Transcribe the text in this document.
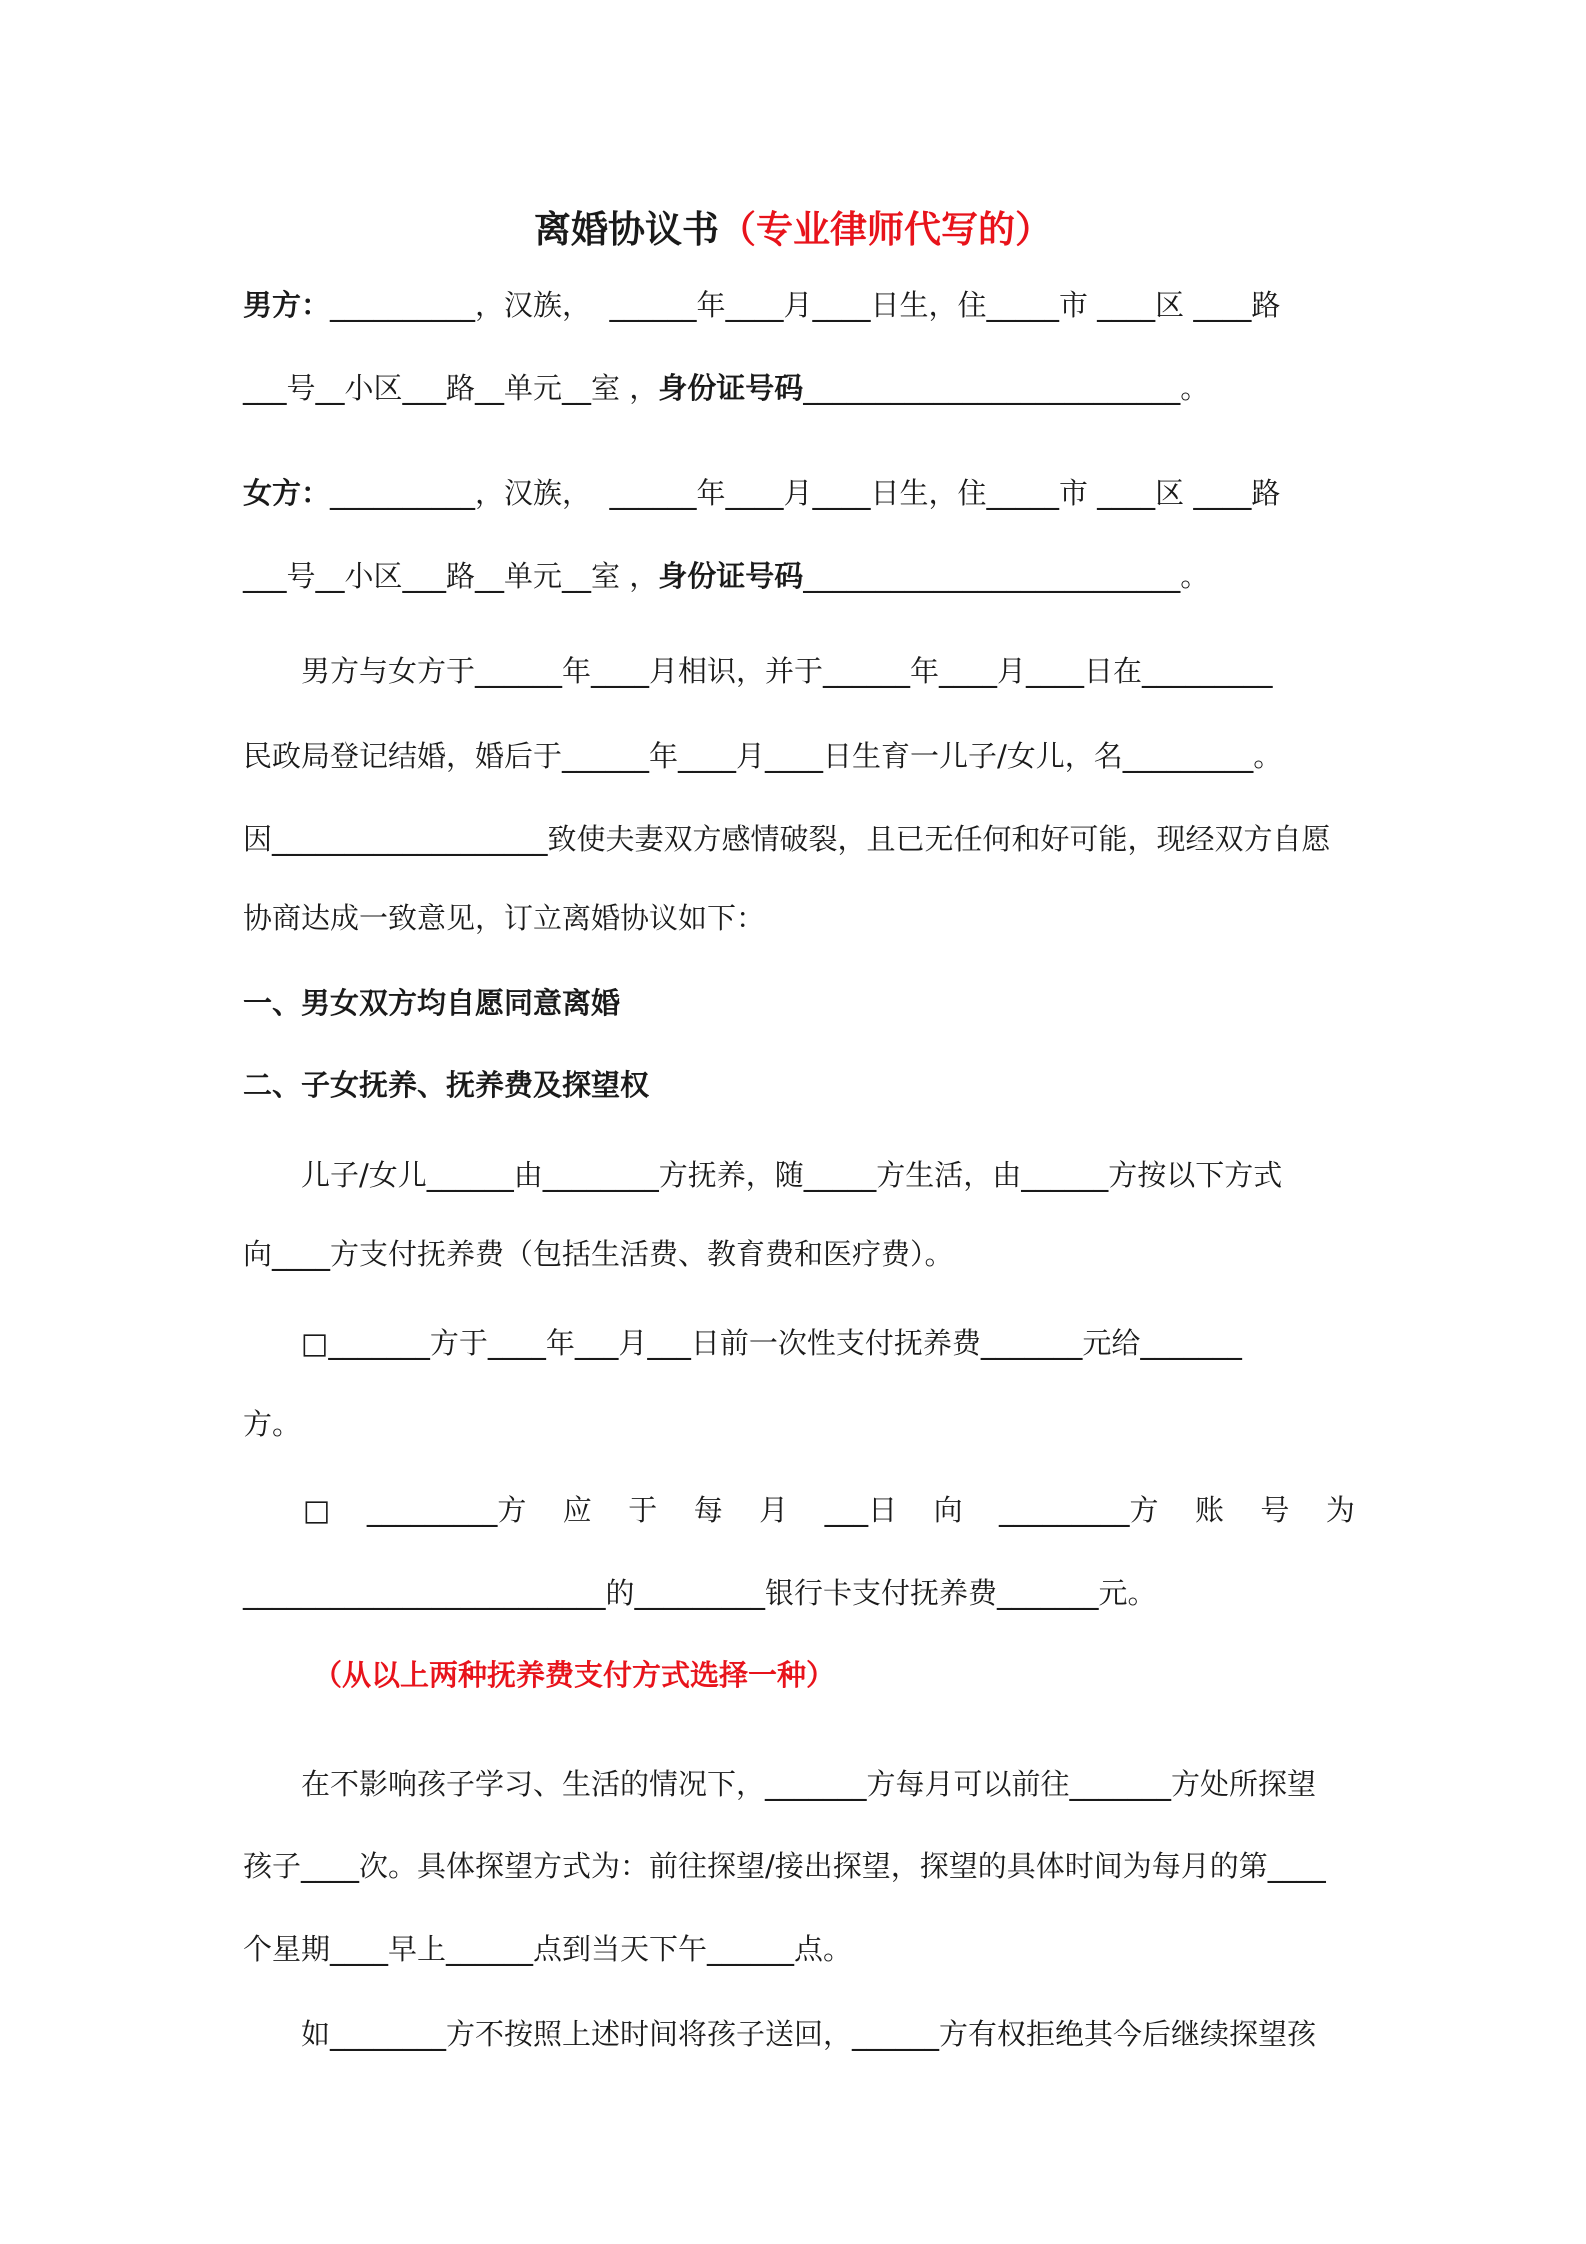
离婚协议书（专业律师代写的）
男方：__________，汉族，  ______年____月____日生，住_____市 ____区 ____路
___号__小区___路__单元__室 ，身份证号码__________________________。
女方：__________，汉族，  ______年____月____日生，住_____市 ____区 ____路
___号__小区___路__单元__室 ，身份证号码__________________________。
男方与女方于______年____月相识，并于______年____月____日在_________
民政局登记结婚，婚后于______年____月____日生育一儿子/女儿，名_________。
因___________________致使夫妻双方感情破裂，且已无任何和好可能，现经双方自愿
协商达成一致意见，订立离婚协议如下：
一、男女双方均自愿同意离婚
二、子女抚养、抚养费及探望权
儿子/女儿______由________方抚养，随_____方生活，由______方按以下方式
向____方支付抚养费（包括生活费、教育费和医疗费）。
□_______方于____年___月___日前一次性支付抚养费_______元给_______
方。
□ _________方 应 于 每 月 ___日 向 _________方 账 号 为
_________________________的_________银行卡支付抚养费_______元。
（从以上两种抚养费支付方式选择一种）
在不影响孩子学习、生活的情况下，_______方每月可以前往_______方处所探望
孩子____次。具体探望方式为：前往探望/接出探望，探望的具体时间为每月的第____
个星期____早上______点到当天下午______点。
如________方不按照上述时间将孩子送回，______方有权拒绝其今后继续探望孩
